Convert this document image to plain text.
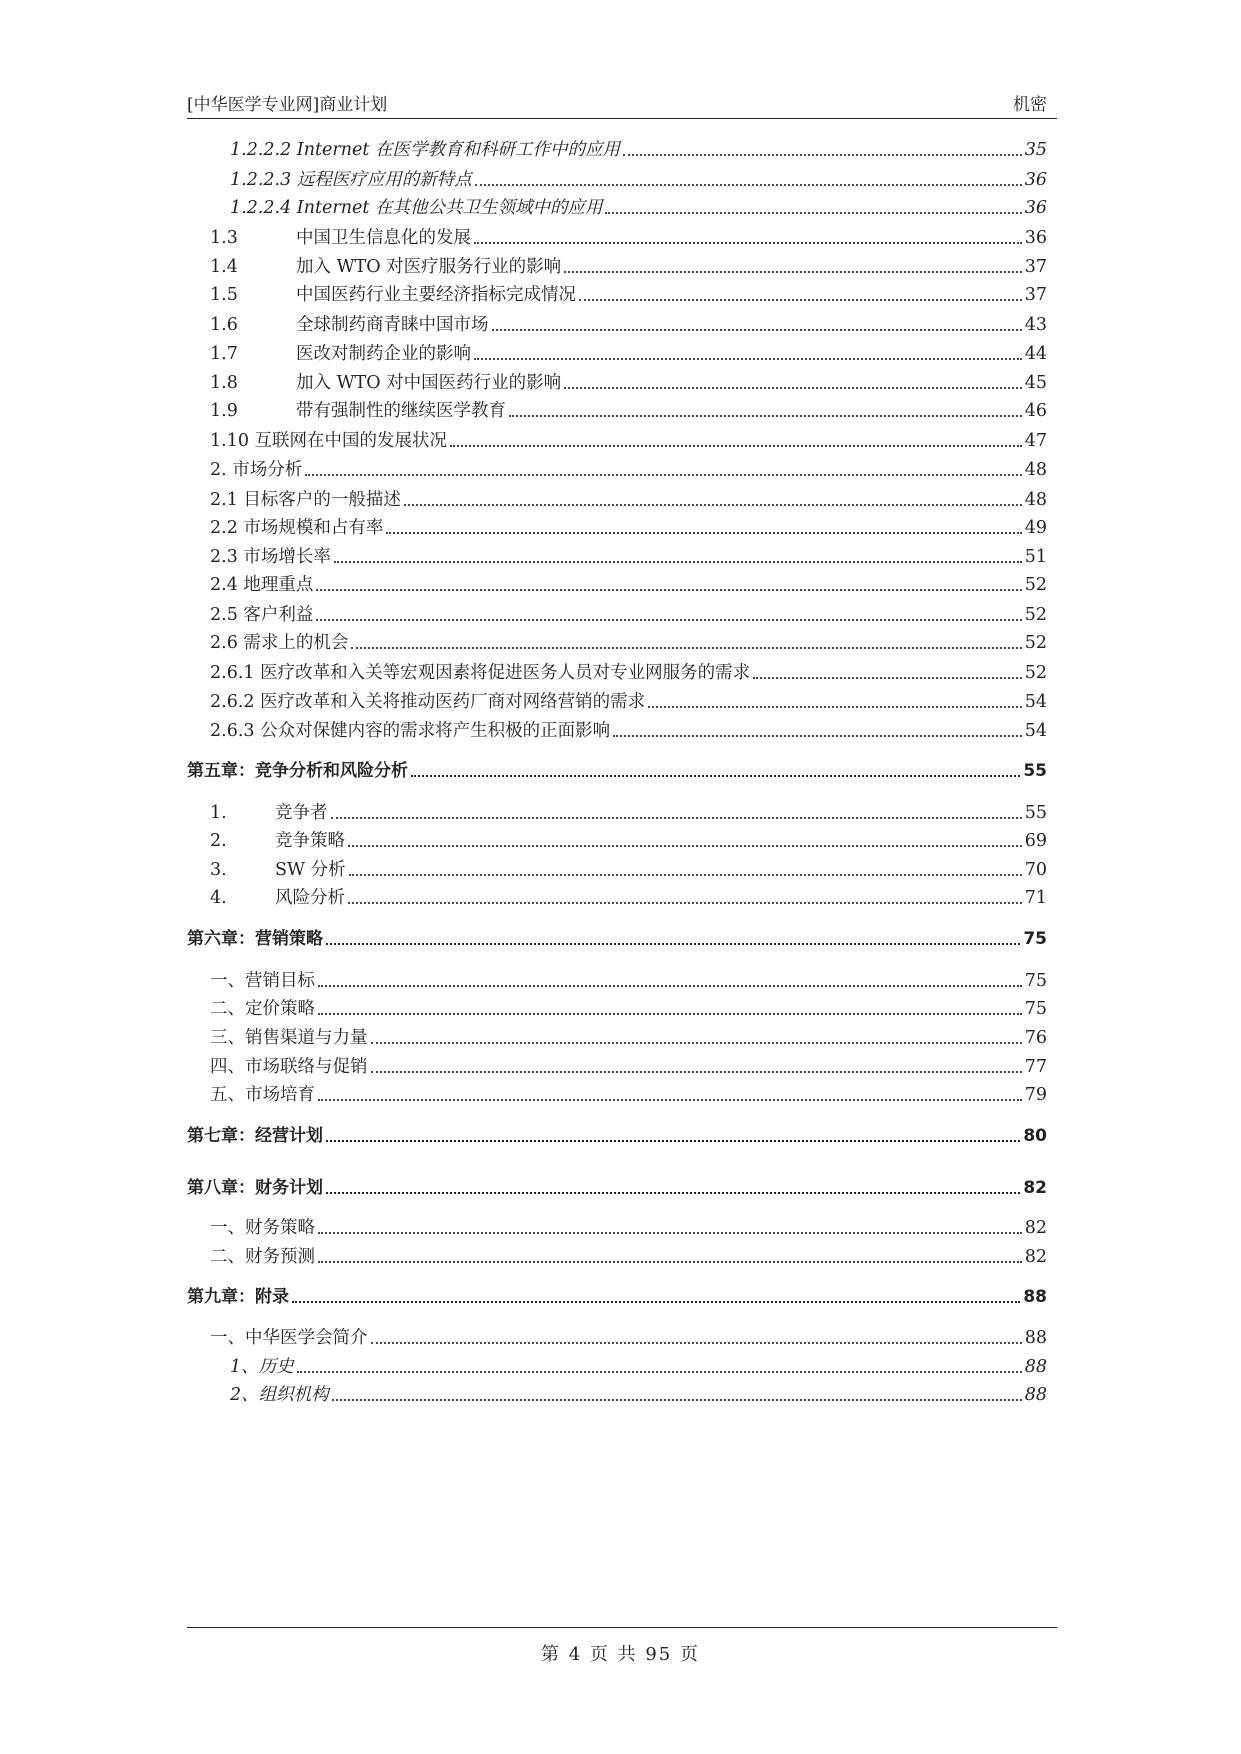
[中华医学专业网]商业计划	机密
1.2.2.2 Internet 在医学教育和科研工作中的应用	35
1.2.2.3 远程医疗应用的新特点	36
1.2.2.4 Internet 在其他公共卫生领域中的应用	36
1.3	中国卫生信息化的发展	36
1.4	加入 WTO 对医疗服务行业的影响	37
1.5	中国医药行业主要经济指标完成情况	37
1.6	全球制药商青睐中国市场	43
1.7	医改对制药企业的影响	44
1.8	加入 WTO 对中国医药行业的影响	45
1.9	带有强制性的继续医学教育	46
1.10 互联网在中国的发展状况	47
2. 市场分析	48
2.1 目标客户的一般描述	48
2.2 市场规模和占有率	49
2.3 市场增长率	51
2.4 地理重点	52
2.5 客户利益	52
2.6 需求上的机会	52
2.6.1 医疗改革和入关等宏观因素将促进医务人员对专业网服务的需求	52
2.6.2 医疗改革和入关将推动医药厂商对网络营销的需求	54
2.6.3 公众对保健内容的需求将产生积极的正面影响	54
第五章：竞争分析和风险分析	55
1.	竞争者	55
2.	竞争策略	69
3.	SW 分析	70
4.	风险分析	71
第六章：营销策略	75
一、营销目标	75
二、定价策略	75
三、销售渠道与力量	76
四、市场联络与促销	77
五、市场培育	79
第七章：经营计划	80
第八章：财务计划	82
一、财务策略	82
二、财务预测	82
第九章：附录	88
一、中华医学会简介	88
1、历史	88
2、组织机构	88
第 4 页 共 95 页
